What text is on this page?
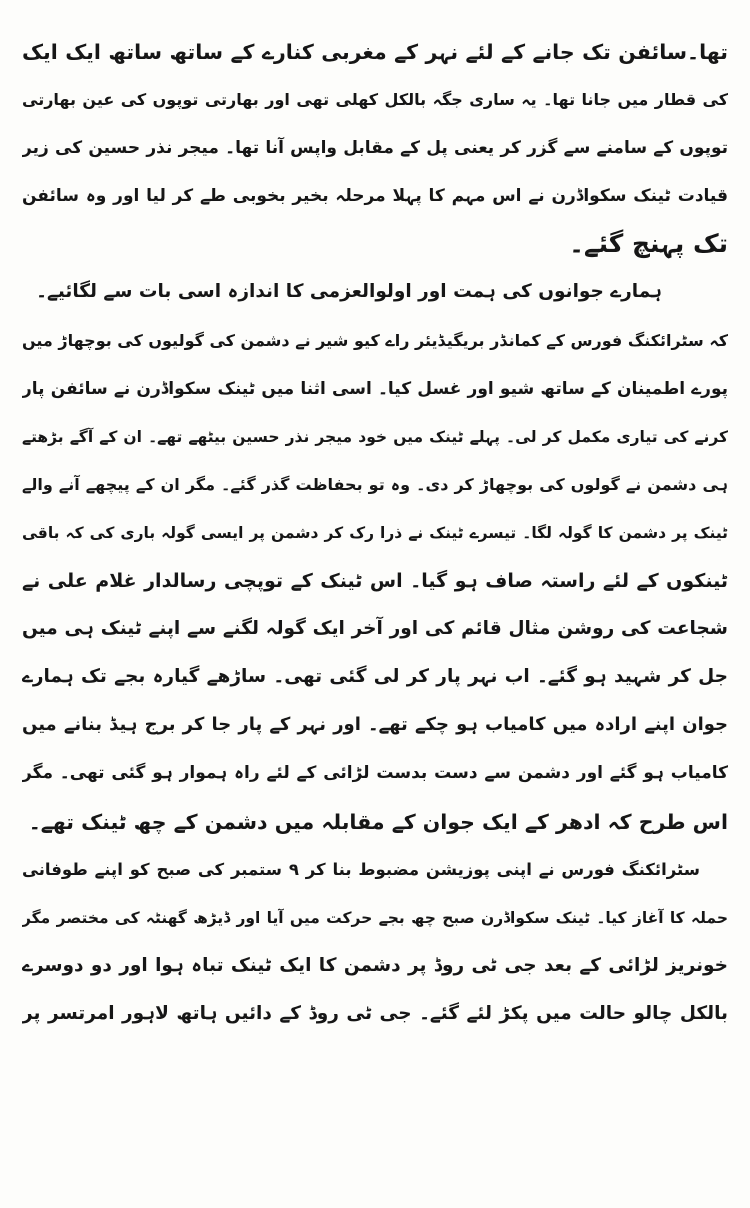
تھا۔سائفن تک جانے کے لئے نہر کے مغربی کنارے کے ساتھ ساتھ ایک ایک
کی قطار میں جانا تھا۔ یہ ساری جگہ بالکل کھلی تھی اور بھارتی توپوں کی عین بھارتی
توپوں کے سامنے سے گزر کر یعنی پل کے مقابل واپس آنا تھا۔ میجر نذر حسین کی زیر
قیادت ٹینک سکواڈرن نے اس مہم کا پہلا مرحلہ بخیر بخوبی طے کر لیا اور وہ سائفن
تک پہنچ گئے۔
ہمارے جوانوں کی ہمت اور اولوالعزمی کا اندازہ اسی بات سے لگائیے۔
کہ سٹرائکنگ فورس کے کمانڈر بریگیڈیئر راے کیو شیر نے دشمن کی گولیوں کی بوچھاڑ میں
پورے اطمینان کے ساتھ شیو اور غسل کیا۔ اسی اثنا میں ٹینک سکواڈرن نے سائفن پار
کرنے کی تیاری مکمل کر لی۔ پہلے ٹینک میں خود میجر نذر حسین بیٹھے تھے۔ ان کے آگے بڑھتے
ہی دشمن نے گولوں کی بوچھاڑ کر دی۔ وہ تو بحفاظت گذر گئے۔ مگر ان کے پیچھے آنے والے
ٹینک پر دشمن کا گولہ لگا۔ تیسرے ٹینک نے ذرا رک کر دشمن پر ایسی گولہ باری کی کہ باقی
ٹینکوں کے لئے راستہ صاف ہو گیا۔ اس ٹینک کے توپچی رسالدار غلام علی نے
شجاعت کی روشن مثال قائم کی اور آخر ایک گولہ لگنے سے اپنے ٹینک ہی میں
جل کر شہید ہو گئے۔ اب نہر پار کر لی گئی تھی۔ ساڑھے گیارہ بجے تک ہمارے
جوان اپنے ارادہ میں کامیاب ہو چکے تھے۔ اور نہر کے پار جا کر برج ہیڈ بنانے میں
کامیاب ہو گئے اور دشمن سے دست بدست لڑائی کے لئے راہ ہموار ہو گئی تھی۔ مگر
اس طرح کہ ادھر کے ایک جوان کے مقابلہ میں دشمن کے چھ ٹینک تھے۔
سٹرائکنگ فورس نے اپنی پوزیشن مضبوط بنا کر ۹ ستمبر کی صبح کو اپنے طوفانی
حملہ کا آغاز کیا۔ ٹینک سکواڈرن صبح چھ بجے حرکت میں آیا اور ڈیڑھ گھنٹہ کی مختصر مگر
خونریز لڑائی کے بعد جی ٹی روڈ پر دشمن کا ایک ٹینک تباہ ہوا اور دو دوسرے
بالکل چالو حالت میں پکڑ لئے گئے۔ جی ٹی روڈ کے دائیں ہاتھ لاہور امرتسر پر
